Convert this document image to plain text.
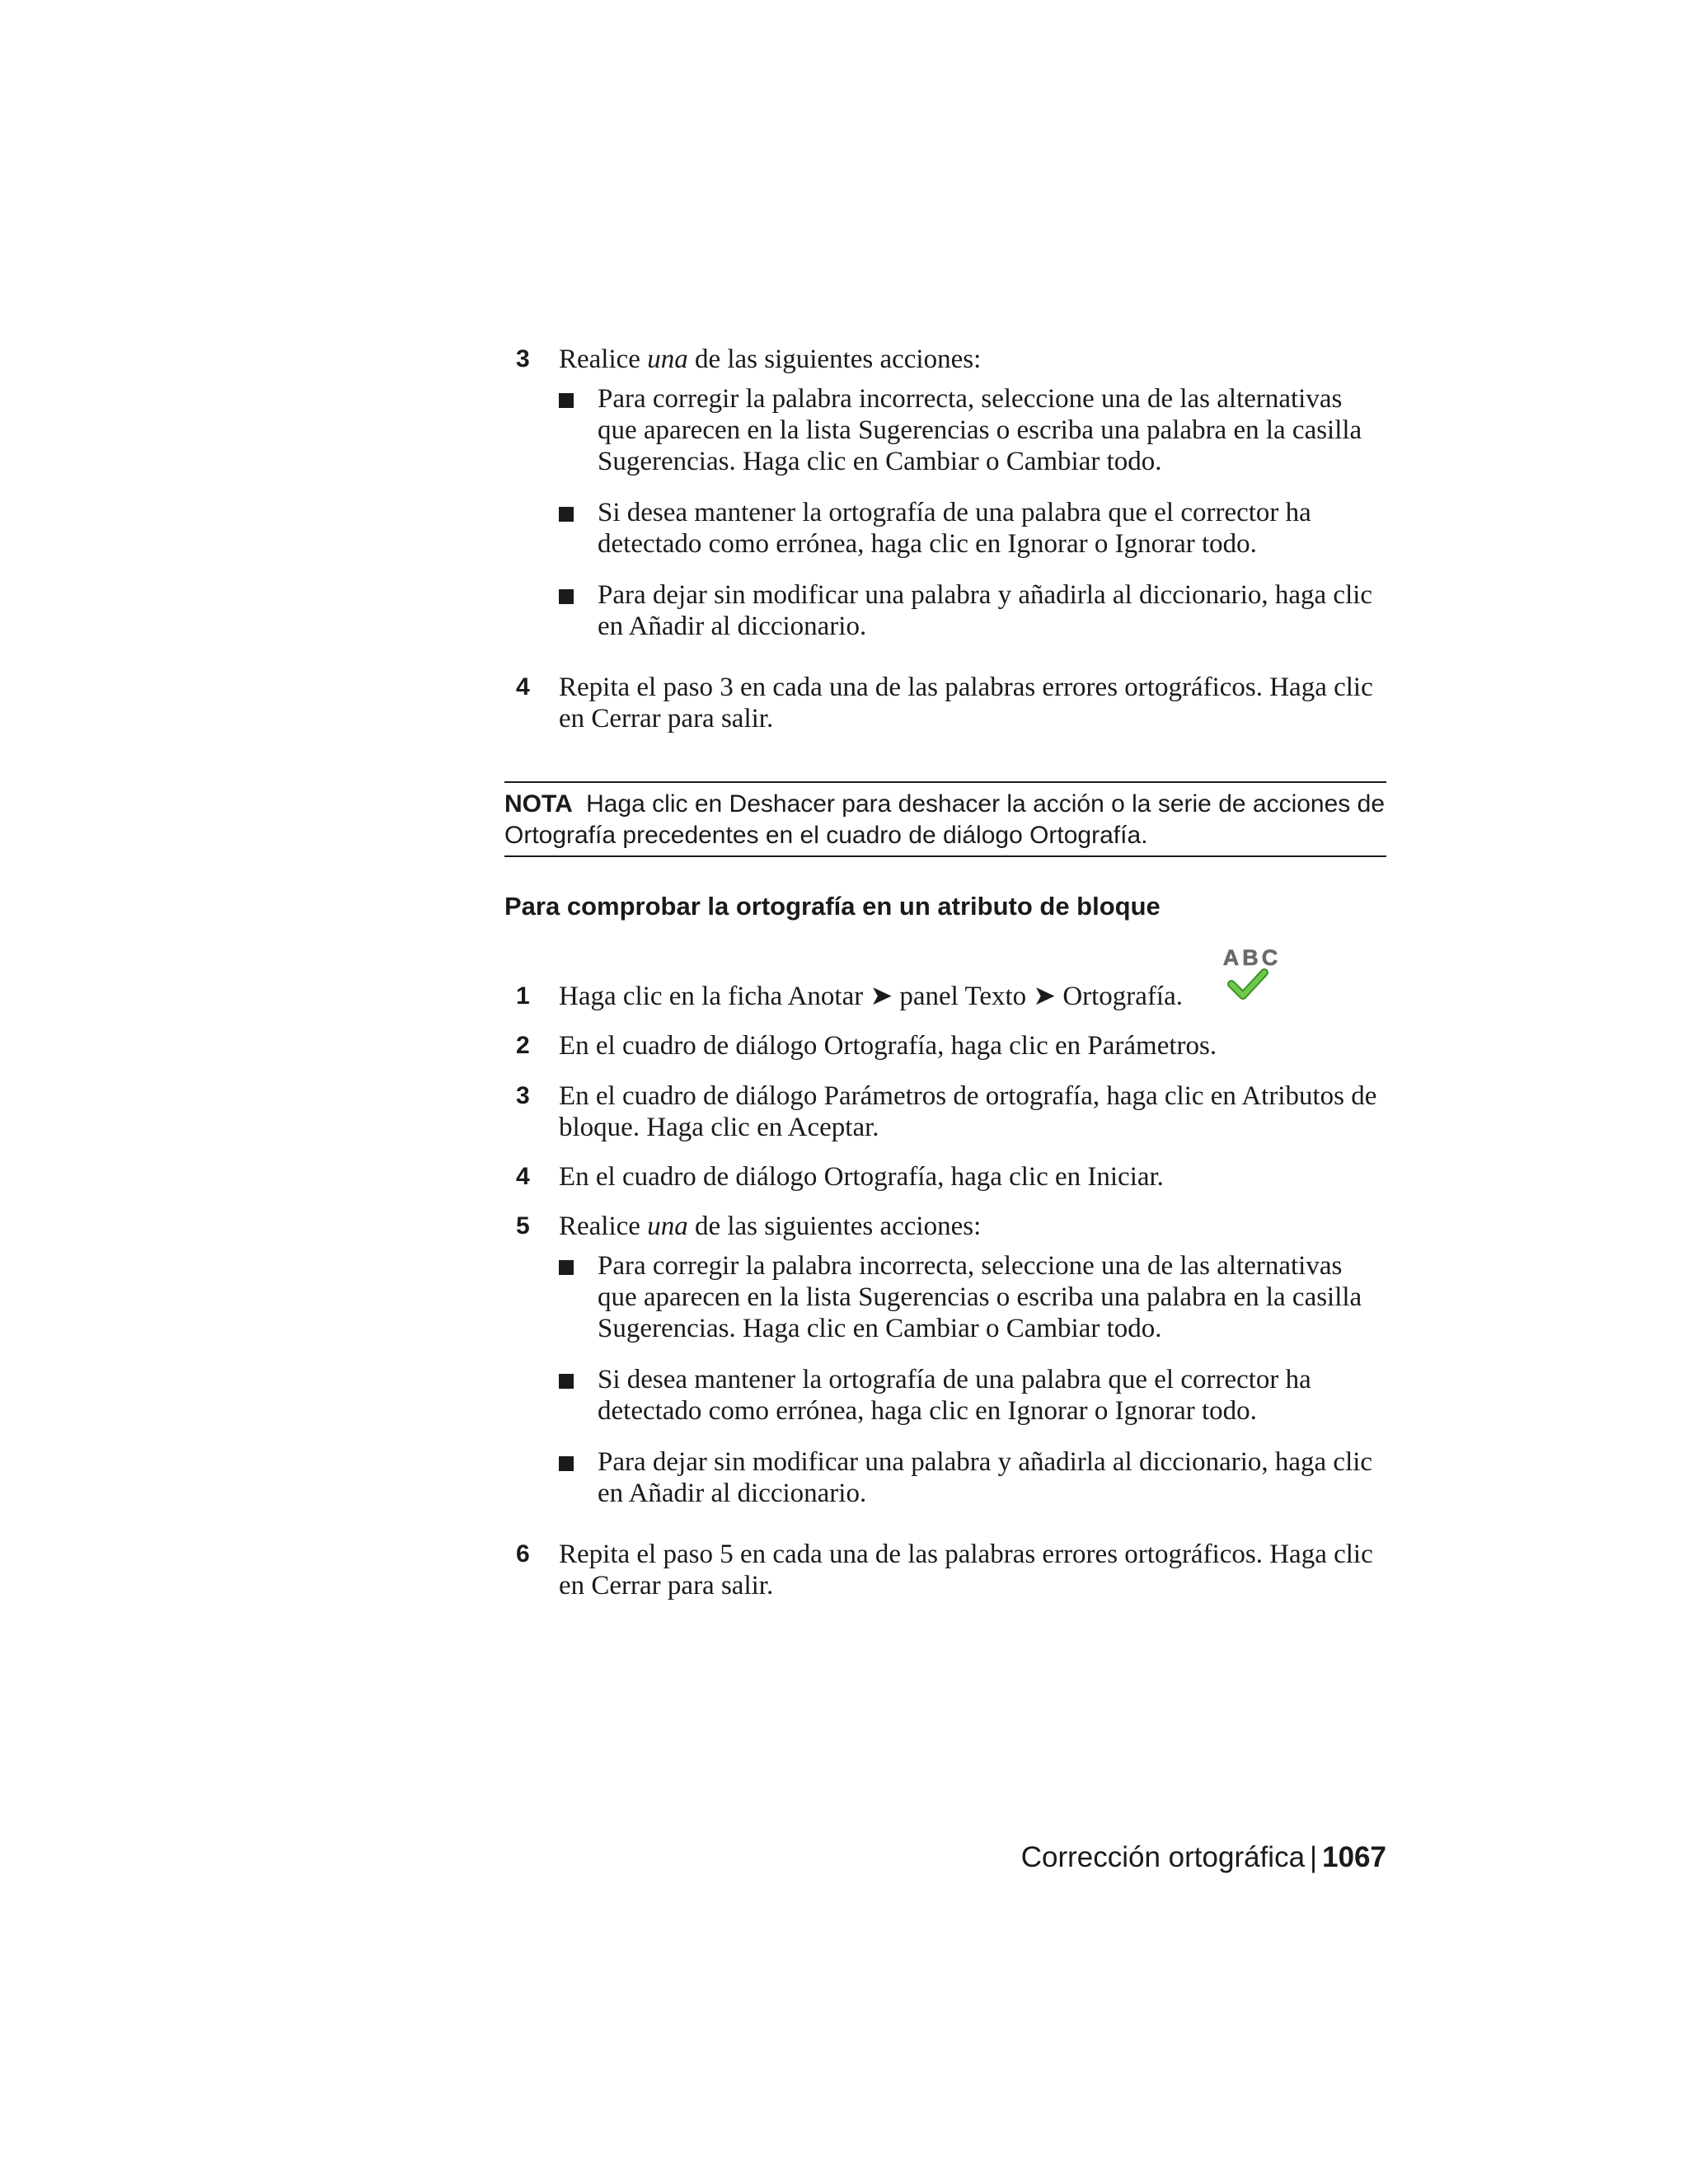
3 Realice una de las siguientes acciones:
Para corregir la palabra incorrecta, seleccione una de las alternativas que aparecen en la lista Sugerencias o escriba una palabra en la casilla Sugerencias. Haga clic en Cambiar o Cambiar todo.
Si desea mantener la ortografía de una palabra que el corrector ha detectado como errónea, haga clic en Ignorar o Ignorar todo.
Para dejar sin modificar una palabra y añadirla al diccionario, haga clic en Añadir al diccionario.
4 Repita el paso 3 en cada una de las palabras errores ortográficos. Haga clic en Cerrar para salir.
NOTA Haga clic en Deshacer para deshacer la acción o la serie de acciones de Ortografía precedentes en el cuadro de diálogo Ortografía.
Para comprobar la ortografía en un atributo de bloque
ABC
1 Haga clic en la ficha Anotar ➤ panel Texto ➤ Ortografía.
2 En el cuadro de diálogo Ortografía, haga clic en Parámetros.
3 En el cuadro de diálogo Parámetros de ortografía, haga clic en Atributos de bloque. Haga clic en Aceptar.
4 En el cuadro de diálogo Ortografía, haga clic en Iniciar.
5 Realice una de las siguientes acciones:
Para corregir la palabra incorrecta, seleccione una de las alternativas que aparecen en la lista Sugerencias o escriba una palabra en la casilla Sugerencias. Haga clic en Cambiar o Cambiar todo.
Si desea mantener la ortografía de una palabra que el corrector ha detectado como errónea, haga clic en Ignorar o Ignorar todo.
Para dejar sin modificar una palabra y añadirla al diccionario, haga clic en Añadir al diccionario.
6 Repita el paso 5 en cada una de las palabras errores ortográficos. Haga clic en Cerrar para salir.
Corrección ortográfica | 1067
